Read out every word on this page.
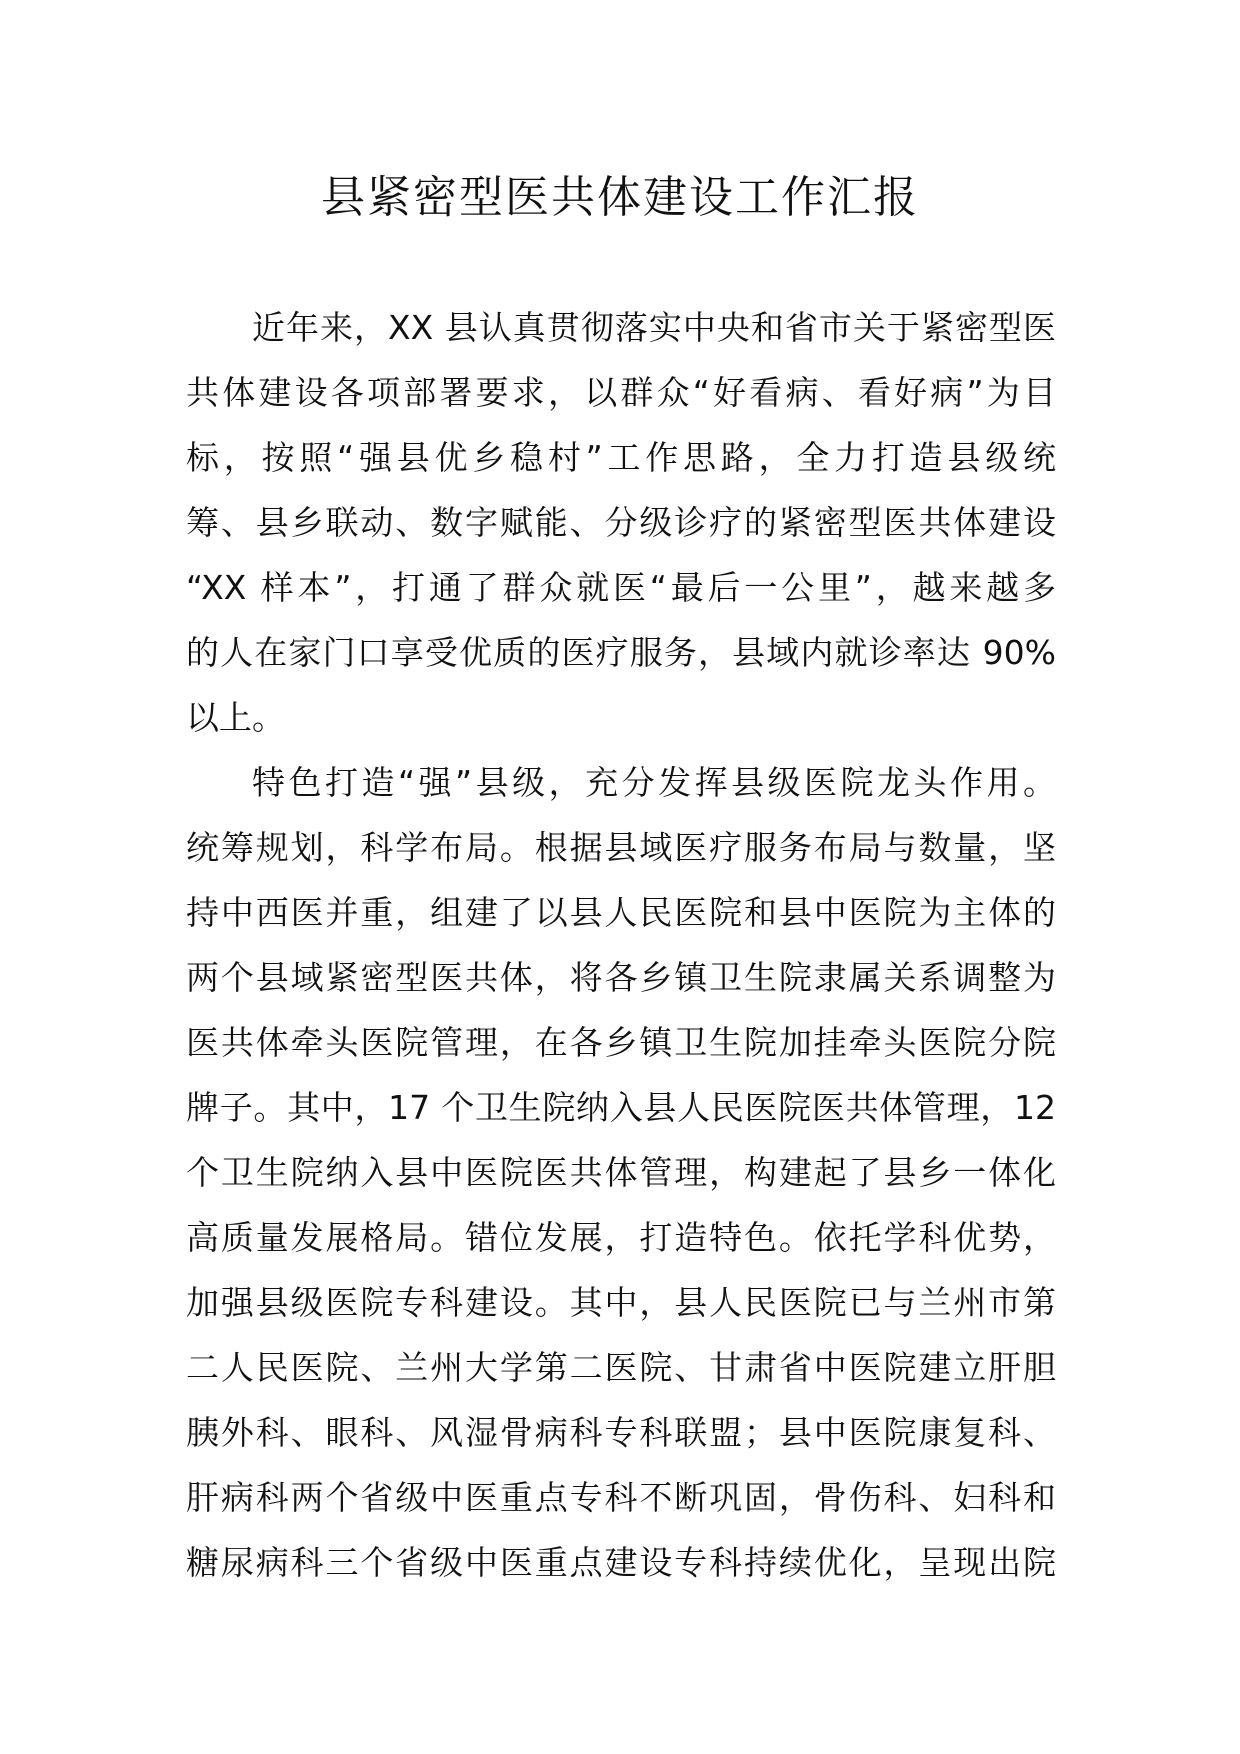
县紧密型医共体建设工作汇报
近年来，XX 县认真贯彻落实中央和省市关于紧密型医
共体建设各项部署要求，以群众“好看病、看好病”为目
标，按照“强县优乡稳村”工作思路，全力打造县级统
筹、县乡联动、数字赋能、分级诊疗的紧密型医共体建设
“XX 样本”，打通了群众就医“最后一公里”，越来越多
的人在家门口享受优质的医疗服务，县域内就诊率达 90%
以上。
特色打造“强”县级，充分发挥县级医院龙头作用。
统筹规划，科学布局。根据县域医疗服务布局与数量，坚
持中西医并重，组建了以县人民医院和县中医院为主体的
两个县域紧密型医共体，将各乡镇卫生院隶属关系调整为
医共体牵头医院管理，在各乡镇卫生院加挂牵头医院分院
牌子。其中，17 个卫生院纳入县人民医院医共体管理，12
个卫生院纳入县中医院医共体管理，构建起了县乡一体化
高质量发展格局。错位发展，打造特色。依托学科优势，
加强县级医院专科建设。其中，县人民医院已与兰州市第
二人民医院、兰州大学第二医院、甘肃省中医院建立肝胆
胰外科、眼科、风湿骨病科专科联盟；县中医院康复科、
肝病科两个省级中医重点专科不断巩固，骨伤科、妇科和
糖尿病科三个省级中医重点建设专科持续优化，呈现出院
